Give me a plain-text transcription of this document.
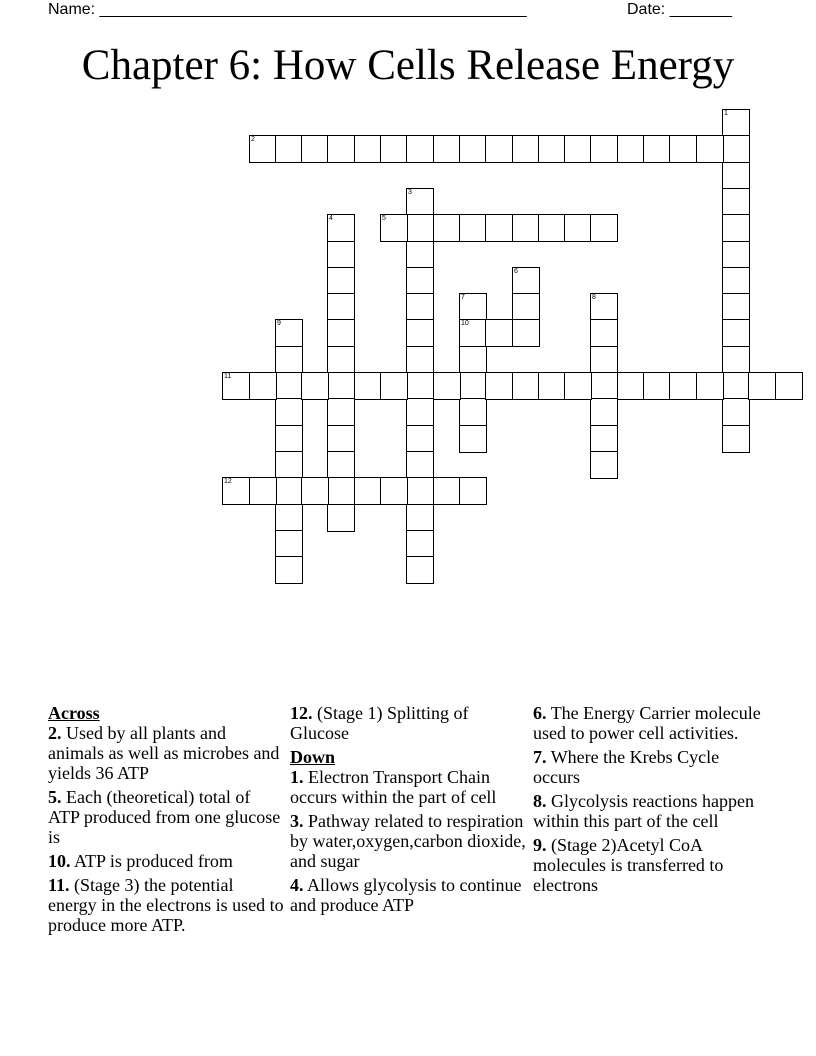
Name: ________________________________________________	Date: _______
Chapter 6: How Cells Release Energy
1
2
3
4	5
6
7
10
8
9
11
12
Across
2. Used by all plants and animals as well as microbes and yields 36 ATP
5. Each (theoretical) total of ATP produced from one glucose is
10. ATP is produced from
11. (Stage 3) the potential energy in the electrons is used to produce more ATP.
12. (Stage 1) Splitting of Glucose
Down
1. Electron Transport Chain occurs within the part of cell
3. Pathway related to respiration by water,oxygen,carbon dioxide, and sugar
4. Allows glycolysis to continue and produce ATP
6. The Energy Carrier molecule used to power cell activities.
7. Where the Krebs Cycle occurs
8. Glycolysis reactions happen within this part of the cell
9. (Stage 2)Acetyl CoA molecules is transferred to electrons
